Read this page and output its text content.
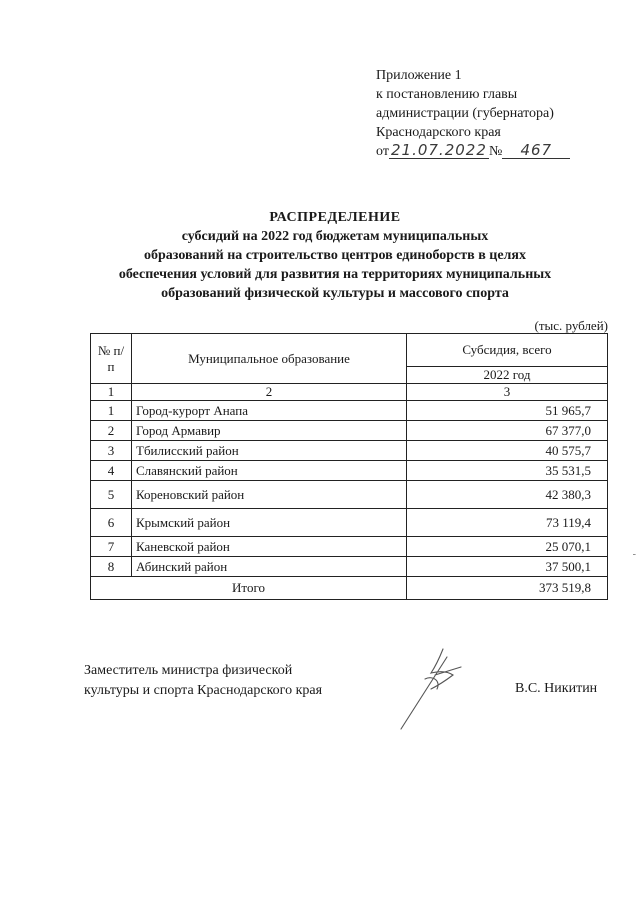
Приложение 1
к постановлению главы
администрации (губернатора)
Краснодарского края
от 21.07.2022 № 467
РАСПРЕДЕЛЕНИЕ
субсидий на 2022 год бюджетам муниципальных
образований на строительство центров единоборств в целях
обеспечения условий для развития на территориях муниципальных
образований физической культуры и массового спорта
(тыс. рублей)
№ п/п	Муниципальное образование	Субсидия, всего
		2022 год
1	2	3
1	Город-курорт Анапа	51 965,7
2	Город Армавир	67 377,0
3	Тбилисский район	40 575,7
4	Славянский район	35 531,5
5	Кореновский район	42 380,3
6	Крымский район	73 119,4
7	Каневской район	25 070,1
8	Абинский район	37 500,1
Итого		373 519,8
Заместитель министра физической
культуры и спорта Краснодарского края	В.С. Никитин
-
